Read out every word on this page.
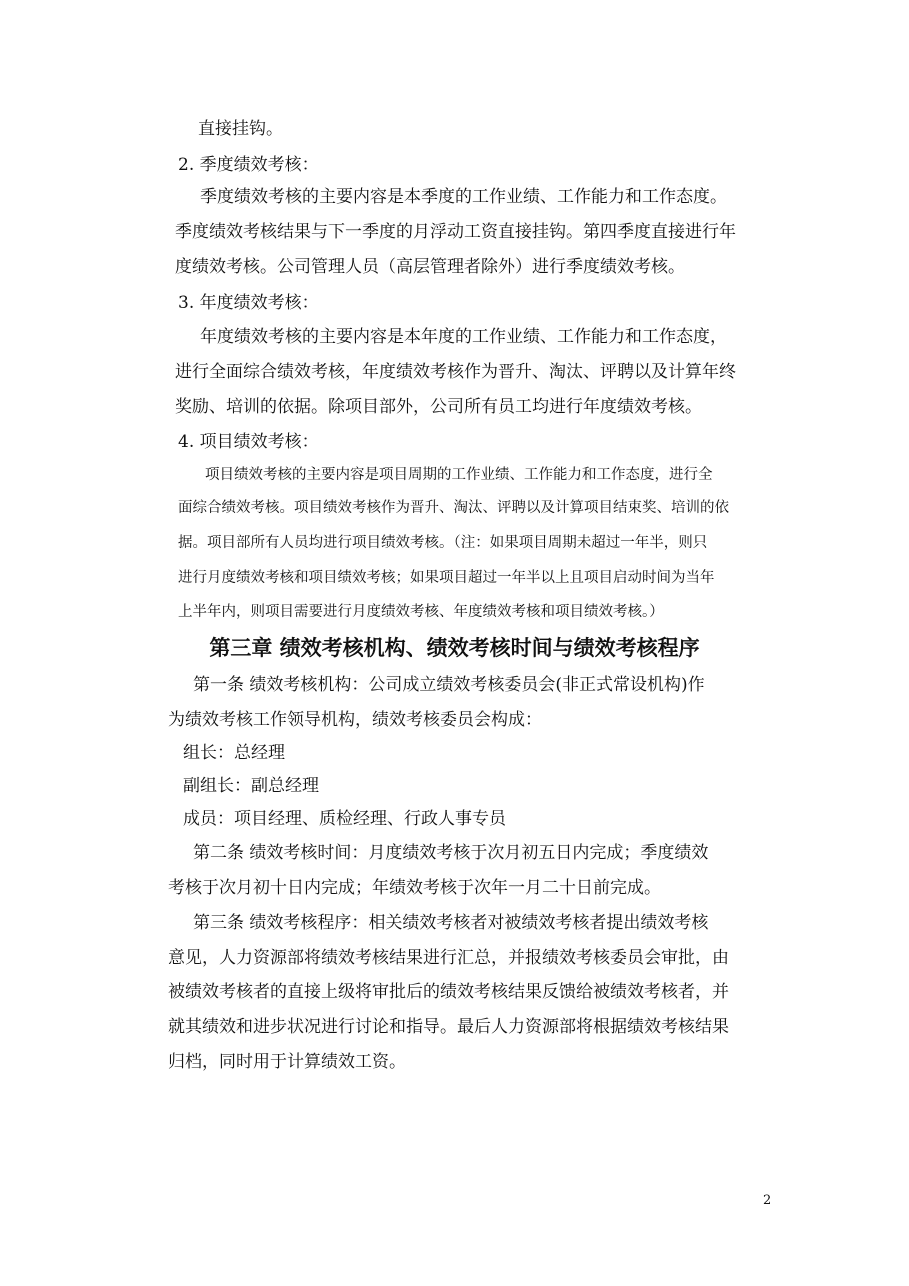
直接挂钩。
2. 季度绩效考核：
季度绩效考核的主要内容是本季度的工作业绩、工作能力和工作态度。
季度绩效考核结果与下一季度的月浮动工资直接挂钩。第四季度直接进行年
度绩效考核。公司管理人员（高层管理者除外）进行季度绩效考核。
3. 年度绩效考核：
年度绩效考核的主要内容是本年度的工作业绩、工作能力和工作态度，
进行全面综合绩效考核，年度绩效考核作为晋升、淘汰、评聘以及计算年终
奖励、培训的依据。除项目部外，公司所有员工均进行年度绩效考核。
4. 项目绩效考核：
项目绩效考核的主要内容是项目周期的工作业绩、工作能力和工作态度，进行全
面综合绩效考核。项目绩效考核作为晋升、淘汰、评聘以及计算项目结束奖、培训的依
据。项目部所有人员均进行项目绩效考核。（注：如果项目周期未超过一年半，则只
进行月度绩效考核和项目绩效考核；如果项目超过一年半以上且项目启动时间为当年
上半年内，则项目需要进行月度绩效考核、年度绩效考核和项目绩效考核。）
第三章 绩效考核机构、绩效考核时间与绩效考核程序
第一条 绩效考核机构：公司成立绩效考核委员会(非正式常设机构)作
为绩效考核工作领导机构，绩效考核委员会构成：
组长：总经理
副组长：副总经理
成员：项目经理、质检经理、行政人事专员
第二条 绩效考核时间：月度绩效考核于次月初五日内完成；季度绩效
考核于次月初十日内完成；年绩效考核于次年一月二十日前完成。
第三条 绩效考核程序：相关绩效考核者对被绩效考核者提出绩效考核
意见，人力资源部将绩效考核结果进行汇总，并报绩效考核委员会审批，由
被绩效考核者的直接上级将审批后的绩效考核结果反馈给被绩效考核者，并
就其绩效和进步状况进行讨论和指导。最后人力资源部将根据绩效考核结果
归档，同时用于计算绩效工资。
2
